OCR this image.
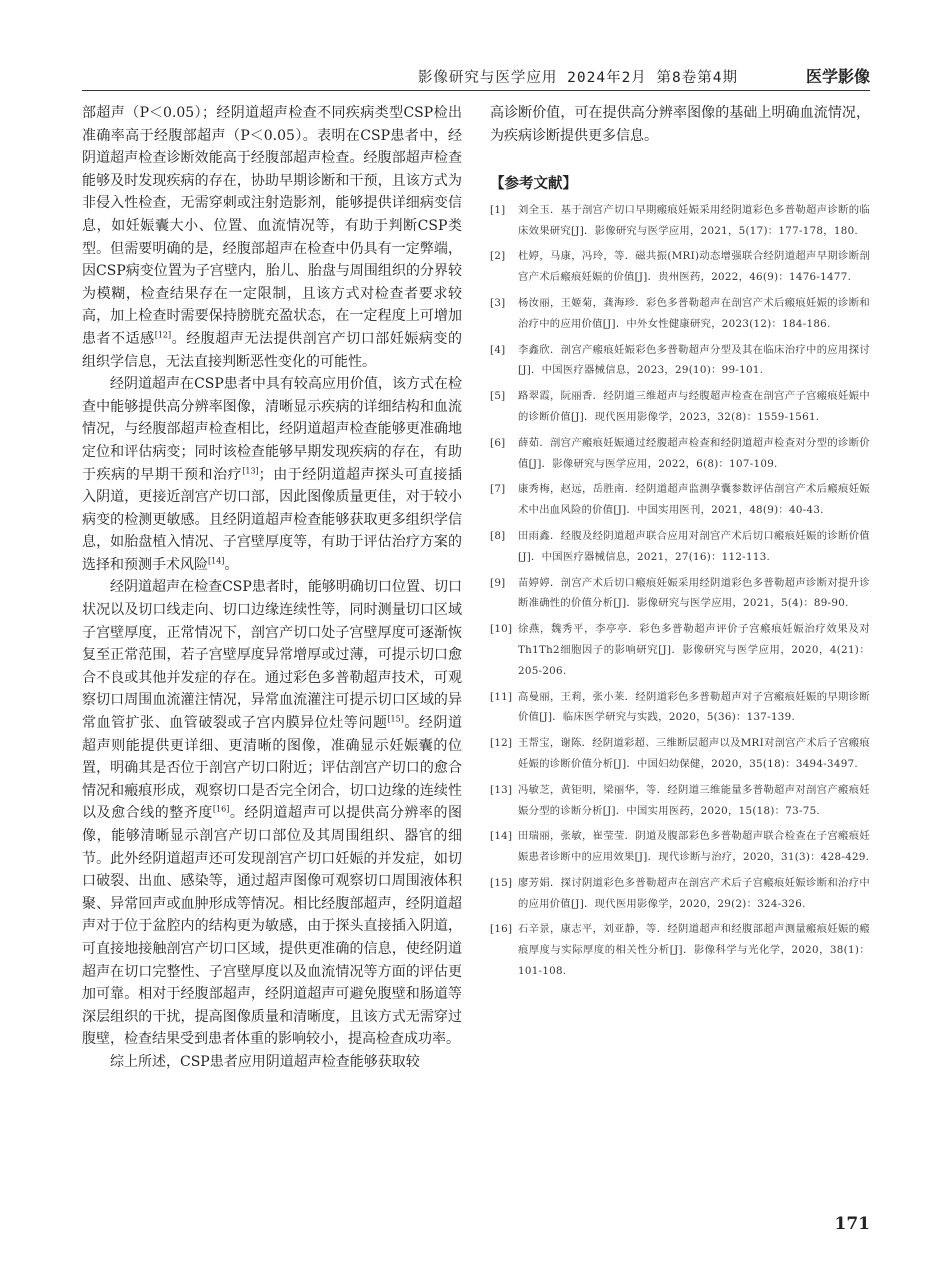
影像研究与医学应用 2024年2月 第8卷第4期	医学影像

部超声（P＜0.05）；经阴道超声检查不同疾病类型CSP检出准确率高于经腹部超声（P＜0.05）。表明在CSP患者中，经阴道超声检查诊断效能高于经腹部超声检查。经腹部超声检查能够及时发现疾病的存在，协助早期诊断和干预，且该方式为非侵入性检查，无需穿刺或注射造影剂，能够提供详细病变信息，如妊娠囊大小、位置、血流情况等，有助于判断CSP类型。但需要明确的是，经腹部超声在检查中仍具有一定弊端，因CSP病变位置为子宫壁内，胎儿、胎盘与周围组织的分界较为模糊，检查结果存在一定限制，且该方式对检查者要求较高，加上检查时需要保持膀胱充盈状态，在一定程度上可增加患者不适感[12]。经腹超声无法提供剖宫产切口部妊娠病变的组织学信息，无法直接判断恶性变化的可能性。

经阴道超声在CSP患者中具有较高应用价值，该方式在检查中能够提供高分辨率图像，清晰显示疾病的详细结构和血流情况，与经腹部超声检查相比，经阴道超声检查能够更准确地定位和评估病变；同时该检查能够早期发现疾病的存在，有助于疾病的早期干预和治疗[13]；由于经阴道超声探头可直接插入阴道，更接近剖宫产切口部，因此图像质量更佳，对于较小病变的检测更敏感。且经阴道超声检查能够获取更多组织学信息，如胎盘植入情况、子宫壁厚度等，有助于评估治疗方案的选择和预测手术风险[14]。

经阴道超声在检查CSP患者时，能够明确切口位置、切口状况以及切口线走向、切口边缘连续性等，同时测量切口区域子宫壁厚度，正常情况下，剖宫产切口处子宫壁厚度可逐渐恢复至正常范围，若子宫壁厚度异常增厚或过薄，可提示切口愈合不良或其他并发症的存在。通过彩色多普勒超声技术，可观察切口周围血流灌注情况，异常血流灌注可提示切口区域的异常血管扩张、血管破裂或子宫内膜异位灶等问题[15]。经阴道超声则能提供更详细、更清晰的图像，准确显示妊娠囊的位置，明确其是否位于剖宫产切口附近；评估剖宫产切口的愈合情况和瘢痕形成，观察切口是否完全闭合，切口边缘的连续性以及愈合线的整齐度[16]。经阴道超声可以提供高分辨率的图像，能够清晰显示剖宫产切口部位及其周围组织、器官的细节。此外经阴道超声还可发现剖宫产切口妊娠的并发症，如切口破裂、出血、感染等，通过超声图像可观察切口周围液体积聚、异常回声或血肿形成等情况。相比经腹部超声，经阴道超声对于位于盆腔内的结构更为敏感，由于探头直接插入阴道，可直接地接触剖宫产切口区域，提供更准确的信息，使经阴道超声在切口完整性、子宫壁厚度以及血流情况等方面的评估更加可靠。相对于经腹部超声，经阴道超声可避免腹壁和肠道等深层组织的干扰，提高图像质量和清晰度，且该方式无需穿过腹壁，检查结果受到患者体重的影响较小，提高检查成功率。

综上所述，CSP患者应用阴道超声检查能够获取较

高诊断价值，可在提供高分辨率图像的基础上明确血流情况，为疾病诊断提供更多信息。

【参考文献】

[1] 刘全玉．基于剖宫产切口早期瘢痕妊娠采用经阴道彩色多普勒超声诊断的临床效果研究[J]．影像研究与医学应用，2021，5(17)：177-178，180.
[2] 杜婷，马康，冯玲，等．磁共振(MRI)动态增强联合经阴道超声早期诊断剖宫产术后瘢痕妊娠的价值[J]．贵州医药，2022，46(9)：1476-1477.
[3] 杨汝丽，王姬菊，龚海珍．彩色多普勒超声在剖宫产术后瘢痕妊娠的诊断和治疗中的应用价值[J]．中外女性健康研究，2023(12)：184-186.
[4] 李鑫欣．剖宫产瘢痕妊娠彩色多普勒超声分型及其在临床治疗中的应用探讨[J]．中国医疗器械信息，2023，29(10)：99-101.
[5] 路翠霞，阮丽香．经阴道三维超声与经腹超声检查在剖宫产子宫瘢痕妊娠中的诊断价值[J]．现代医用影像学，2023，32(8)：1559-1561.
[6] 薛茹．剖宫产瘢痕妊娠通过经腹超声检查和经阴道超声检查对分型的诊断价值[J]．影像研究与医学应用，2022，6(8)：107-109.
[7] 康秀梅，赵远，岳胜南．经阴道超声监测孕囊参数评估剖宫产术后瘢痕妊娠术中出血风险的价值[J]．中国实用医刊，2021，48(9)：40-43.
[8] 田雨鑫．经腹及经阴道超声联合应用对剖宫产术后切口瘢痕妊娠的诊断价值[J]．中国医疗器械信息，2021，27(16)：112-113.
[9] 苗婷婷．剖宫产术后切口瘢痕妊娠采用经阴道彩色多普勒超声诊断对提升诊断准确性的价值分析[J]．影像研究与医学应用，2021，5(4)：89-90.
[10] 徐燕，魏秀平，李亭亭．彩色多普勒超声评价子宫瘢痕妊娠治疗效果及对Th1Th2细胞因子的影响研究[J]．影像研究与医学应用，2020，4(21)：205-206.
[11] 高曼丽，王莉，张小莱．经阴道彩色多普勒超声对子宫瘢痕妊娠的早期诊断价值[J]．临床医学研究与实践，2020，5(36)：137-139.
[12] 王帮宝，谢陈．经阴道彩超、三维断层超声以及MRI对剖宫产术后子宫瘢痕妊娠的诊断价值分析[J]．中国妇幼保健，2020，35(18)：3494-3497.
[13] 冯敏芝，黄钜明，梁丽华，等．经阴道三维能量多普勒超声对剖宫产瘢痕妊娠分型的诊断分析[J]．中国实用医药，2020，15(18)：73-75.
[14] 田瑞丽，张敏，崔莹莹．阴道及腹部彩色多普勒超声联合检查在子宫瘢痕妊娠患者诊断中的应用效果[J]．现代诊断与治疗，2020，31(3)：428-429.
[15] 廖芳娟．探讨阴道彩色多普勒超声在剖宫产术后子宫瘢痕妊娠诊断和治疗中的应用价值[J]．现代医用影像学，2020，29(2)：324-326.
[16] 石辛景，康志平，刘亚静，等．经阴道超声和经腹部超声测量瘢痕妊娠的瘢痕厚度与实际厚度的相关性分析[J]．影像科学与光化学，2020，38(1)：101-108.
171
